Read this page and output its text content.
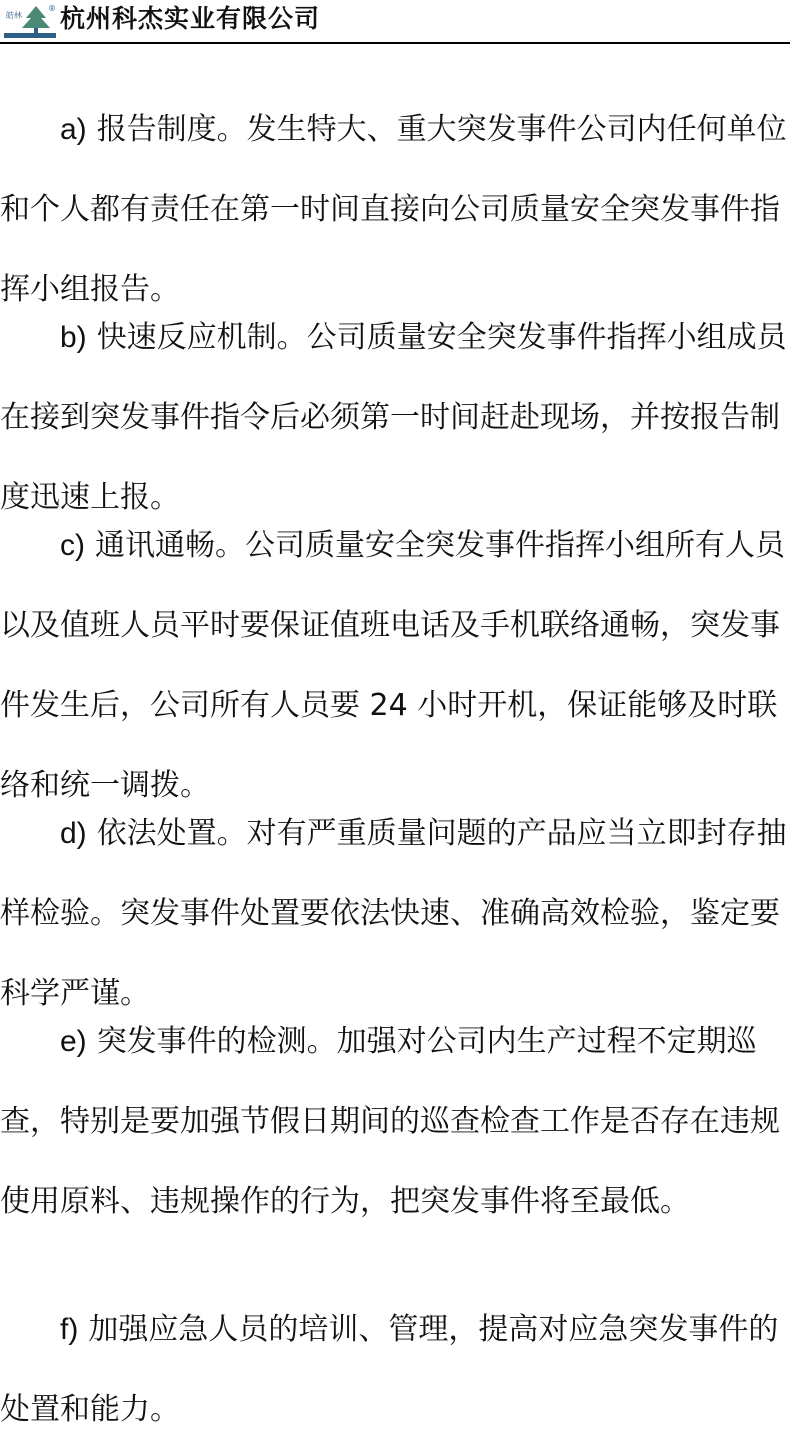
皓林
® 杭州科杰实业有限公司

a) 报告制度。发生特大、重大突发事件公司内任何单位和个人都有责任在第一时间直接向公司质量安全突发事件指挥小组报告。

b) 快速反应机制。公司质量安全突发事件指挥小组成员在接到突发事件指令后必须第一时间赶赴现场，并按报告制度迅速上报。

c) 通讯通畅。公司质量安全突发事件指挥小组所有人员以及值班人员平时要保证值班电话及手机联络通畅，突发事件发生后，公司所有人员要 24 小时开机，保证能够及时联络和统一调拨。

d) 依法处置。对有严重质量问题的产品应当立即封存抽样检验。突发事件处置要依法快速、准确高效检验，鉴定要科学严谨。

e) 突发事件的检测。加强对公司内生产过程不定期巡查，特别是要加强节假日期间的巡查检查工作是否存在违规使用原料、违规操作的行为，把突发事件将至最低。

f) 加强应急人员的培训、管理，提高对应急突发事件的处置和能力。
